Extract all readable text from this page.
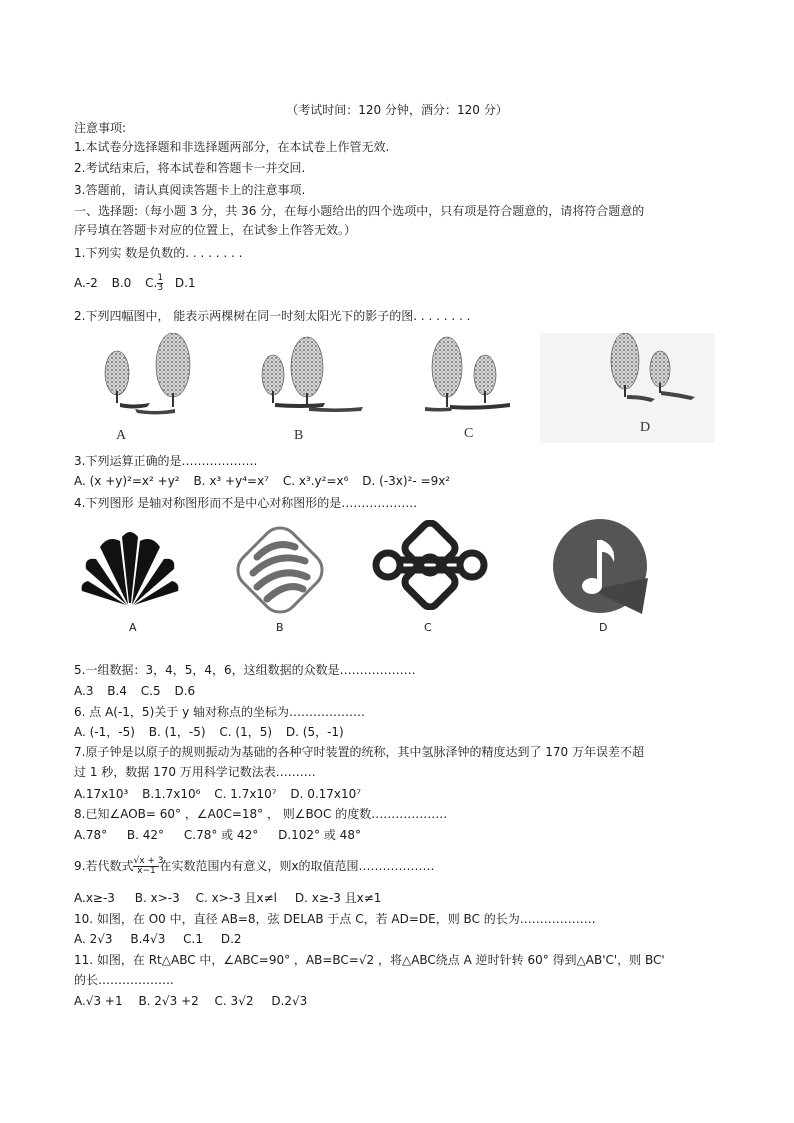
（考试时间：120 分钟，酒分：120 分）
注意事项:
1.本试卷分选择题和非选择题两部分，在本试卷上作管无效.
2.考试结束后，将本试卷和答题卡一并交回.
3.答题前，请认真阅读答题卡上的注意事项.
一、选择题:（每小题 3 分，共 36 分，在每小题给出的四个选项中，只有项是符合题意的，请将符合题意的
序号填在答题卡对应的位置上，在试参上作答无效。）
1.下列实 数是负数的. . . . . . . .
A.-2 B.0 C. $\frac{1}{3} D.1$
2.下列四幅图中， 能表示两棵树在同一时刻太阳光下的影子的图. . . . . . . .
A	B	C	D
3.下列运算正确的是……………….
A. (x +y)²=x² +y² B. x³ +y⁴=x⁷ C. x³.y²=x⁶ D. (-3x)²- =9x²
4.下列图形 是轴对称图形而不是中心对称图形的是……………….
A	B	C	D
5.一组数据：3，4，5，4，6，这组数据的众数是……………….
A.3 B.4 C.5 D.6
6. 点 A(-1，5)关于 y 轴对称点的坐标为……………….
A. (-1，-5) B. (1，-5) C. (1，5) D. (5，-1)
7.原子钟是以原子的规则振动为基础的各种守时装置的统称，其中氢脉泽钟的精度达到了 170 万年误差不超
过 1 秒，数据 170 万用科学记数法表……….
A.17x10³ B.1.7x10⁶ C. 1.7x10⁷ D. 0.17x10⁷
8.已知∠AOB= 60° ，∠A0C=18° ， 则∠BOC 的度数……………….
A.78° B. 42° C.78° 或 42° D.102° 或 48°
9.若代数式 $\frac{√x + 3}{x-1}$ 在实数范围内有意义，则x的取值范围……………….
A.x≥-3 B. x>-3 C. x>-3 且x≠l D. x≥-3 且x≠1
10. 如图，在 O0 中，直径 AB=8，弦 DELAB 于点 C，若 AD=DE，则 BC 的长为……………….
A. 2√3 B.4√3 C.1 D.2
11. 如图，在 Rt△ABC 中，∠ABC=90° ，AB=BC=√2 ，将△ABC绕点 A 逆时针转 60° 得到△AB'C'，则 BC'
的长……………….
A.√3 +1 B. 2√3 +2 C. 3√2 D.2√3
